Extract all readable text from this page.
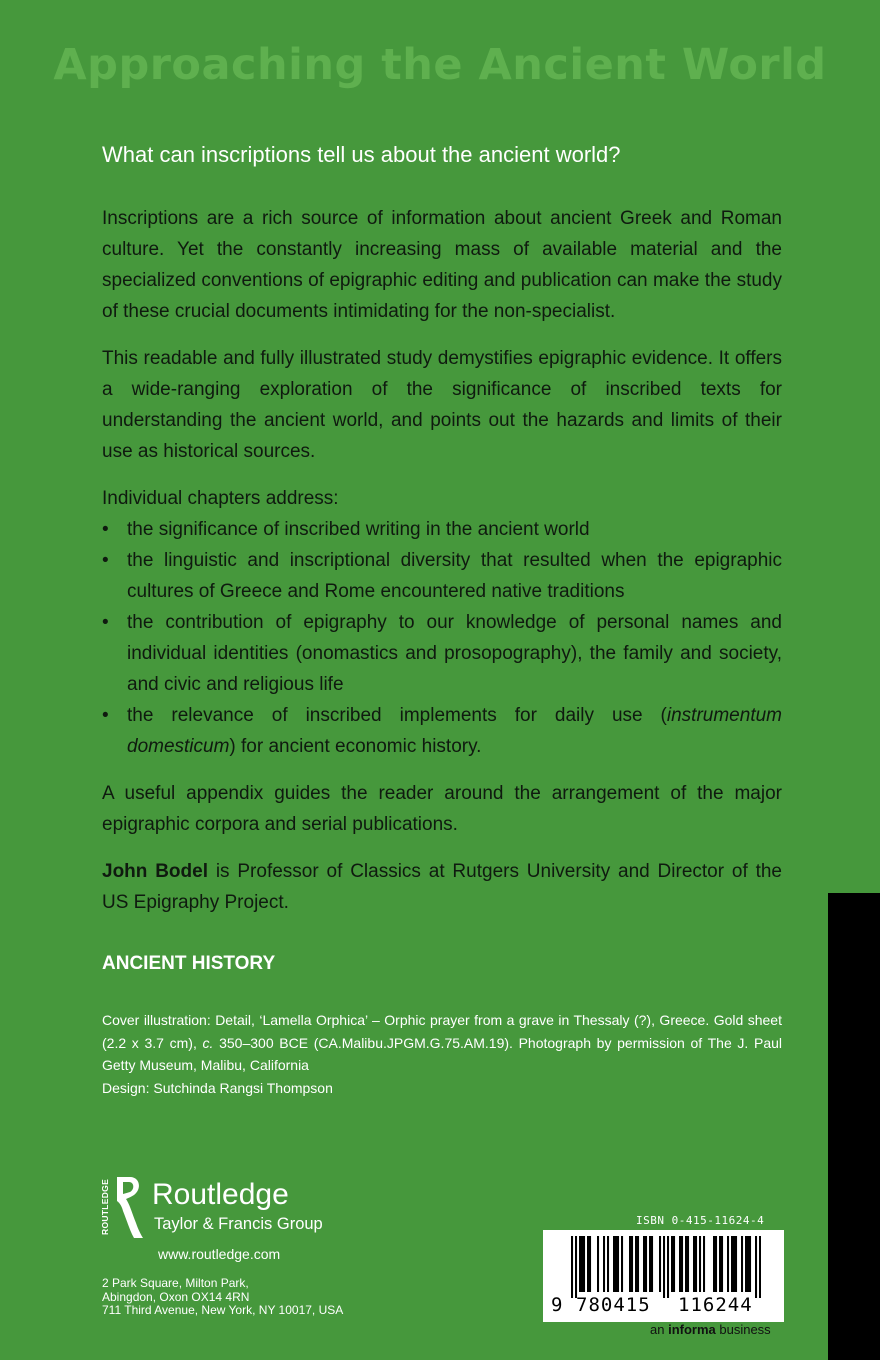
Approaching the Ancient World
What can inscriptions tell us about the ancient world?

Inscriptions are a rich source of information about ancient Greek and Roman culture. Yet the constantly increasing mass of available material and the specialized conventions of epigraphic editing and publication can make the study of these crucial documents intimidating for the non-specialist.

This readable and fully illustrated study demystifies epigraphic evidence. It offers a wide-ranging exploration of the significance of inscribed texts for understanding the ancient world, and points out the hazards and limits of their use as historical sources.

Individual chapters address:
• the significance of inscribed writing in the ancient world
• the linguistic and inscriptional diversity that resulted when the epigraphic cultures of Greece and Rome encountered native traditions
• the contribution of epigraphy to our knowledge of personal names and individual identities (onomastics and prosopography), the family and society, and civic and religious life
• the relevance of inscribed implements for daily use (instrumentum domesticum) for ancient economic history.

A useful appendix guides the reader around the arrangement of the major epigraphic corpora and serial publications.

John Bodel is Professor of Classics at Rutgers University and Director of the US Epigraphy Project.

ANCIENT HISTORY

Cover illustration: Detail, ‘Lamella Orphica’ – Orphic prayer from a grave in Thessaly (?), Greece. Gold sheet (2.2 x 3.7 cm), c. 350–300 BCE (CA.Malibu.JPGM.G.75.AM.19). Photograph by permission of The J. Paul Getty Museum, Malibu, California

Design: Sutchinda Rangsi Thompson

ROUTLEDGE Routledge
Taylor & Francis Group
www.routledge.com
2 Park Square, Milton Park,
Abingdon, Oxon OX14 4RN
711 Third Avenue, New York, NY 10017, USA
ISBN 0-415-11624-4
9 780415 116244
an informa business
